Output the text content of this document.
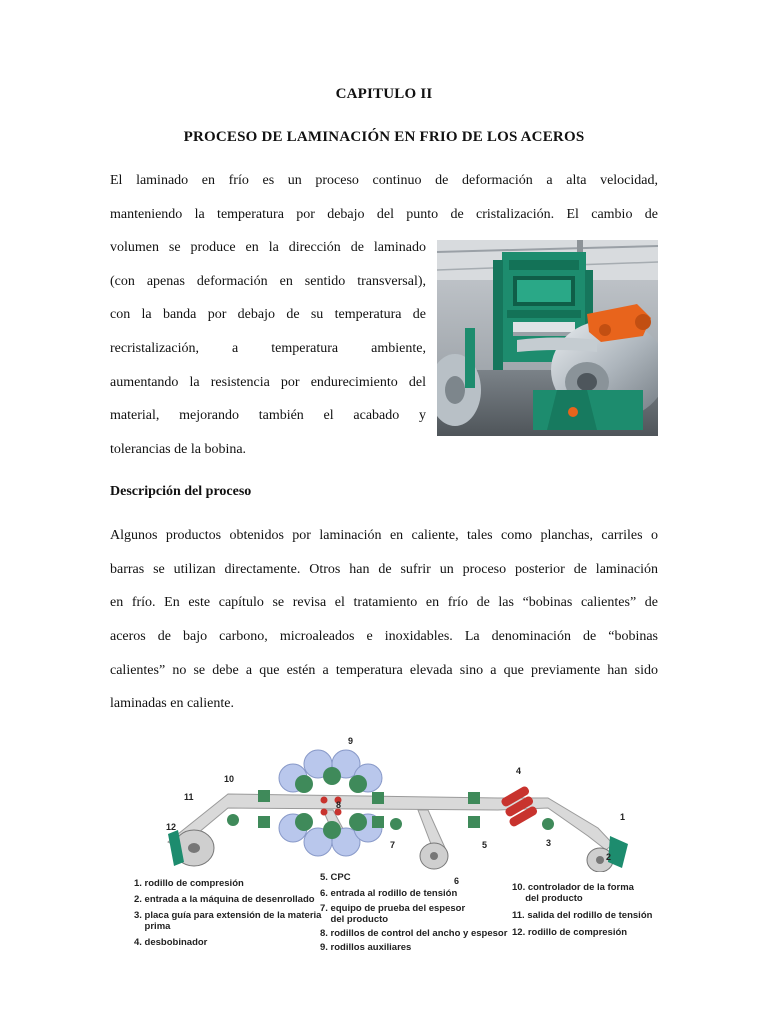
CAPITULO II
PROCESO DE LAMINACIÓN EN FRIO DE LOS ACEROS
El laminado en frío es un proceso continuo de deformación a alta velocidad,
manteniendo la temperatura por debajo del punto de cristalización. El cambio de
volumen se produce en la dirección de laminado
(con apenas deformación en sentido transversal),
con la banda por debajo de su temperatura de
recristalización, a temperatura ambiente,
aumentando la resistencia por endurecimiento del
material, mejorando también el acabado y
tolerancias de la bobina.
Descripción del proceso
Algunos productos obtenidos por laminación en caliente, tales como planchas, carriles o
barras se utilizan directamente. Otros han de sufrir un proceso posterior de laminación
en frío. En este capítulo se revisa el tratamiento en frío de las “bobinas calientes” de
aceros de bajo carbono, microaleados e inoxidables. La denominación de “bobinas
calientes” no se debe a que estén a temperatura elevada sino a que previamente han sido
laminadas en caliente.
1
2
3
4
5
6
7
8
9
10
11
12
1. rodillo de compresión
2. entrada a la máquina de desenrollado
3. placa guía para extensión de la materia
prima
4. desbobinador
5. CPC
6. entrada al rodillo de tensión
7. equipo de prueba del espesor
del producto
8. rodillos de control del ancho y espesor
9. rodillos auxiliares
10. controlador de la forma
del producto
11. salida del rodillo de tensión
12. rodillo de compresión
